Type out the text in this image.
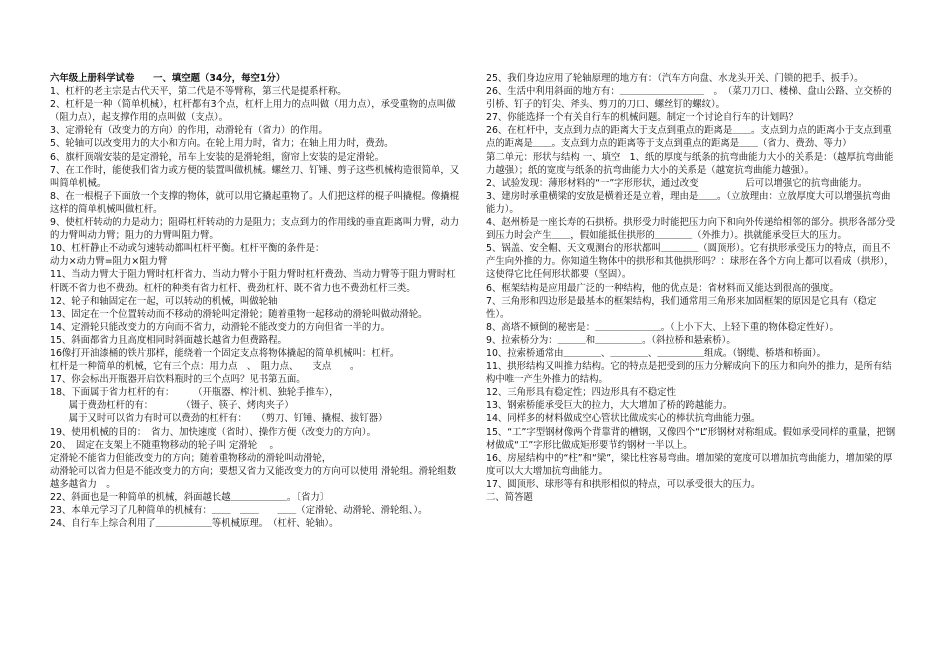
六年级上册科学试卷　　一、填空题（34分，每空1分）

1、杠杆的老主宗是古代天平，第二代是不等臂称，第三代是提系杆称。

2、杠杆是一种（简单机械），杠杆都有3个点，杠杆上用力的点叫做（用力点），承受重物的点叫做（阻力点），起支撑作用的点叫做（支点）。

3、定滑轮有（改变力的方向）的作用，动滑轮有（省力）的作用。

5、轮轴可以改变用力的大小和方向。在轮上用力时，省力；在轴上用力时，费劲。

6、旗杆顶端安装的是定滑轮，吊车上安装的是滑轮组，窗帘上安装的是定滑轮。

7、在工作时，能使我们省力或方便的装置叫做机械。螺丝刀、钉锤、剪子这些机械构造很简单，又叫简单机械。

8、在一根棍子下面放一个支撑的物体，就可以用它撬起重物了。人们把这样的棍子叫撬棍。像撬棍这样的简单机械叫做杠杆。

9、使杠杆转动的力是动力；阻碍杠杆转动的力是阻力；支点到力的作用线的垂直距离叫力臂，动力的力臂叫动力臂；阻力的力臂叫阻力臂。

10、杠杆静止不动或匀速转动都叫杠杆平衡。杠杆平衡的条件是：

动力×动力臂=阻力×阻力臂

11、当动力臂大于阻力臂时杠杆省力、当动力臂小于阻力臂时杠杆费劲、当动力臂等于阻力臂时杠杆既不省力也不费劲。杠杆的种类有省力杠杆、费劲杠杆、既不省力也不费劲杠杆三类。

12、轮子和轴固定在一起，可以转动的机械，叫做轮轴

13、固定在一个位置转动而不移动的滑轮叫定滑轮；随着重物一起移动的滑轮叫做动滑轮。

14、定滑轮只能改变力的方向而不省力，动滑轮不能改变力的方向但省一半的力。

15、斜面都省力且高度相同时斜面越长越省力但费路程。

16像打开油漆桶的铁片那样，能绕着一个固定支点将物体撬起的简单机械叫：杠杆。

杠杆是一种简单的机械，它有三个点：用力点　、　阻力点、　　支点　　。

17、你会标出开瓶器开启饮料瓶时的三个点吗？见书第五面。

18、下面属于省力杠杆的有：　　　（开瓶器、榨汁机、独轮手推车），

　　属于费劲杠杆的有：　　　　（镊子、筷子、烤肉夹子）

　　属于又时可以省力有时可以费劲的杠杆有：　　（剪刀、钉锤、撬棍、拔钉器）

19、使用机械的目的：　省力、加快速度（省时）、操作方便（改变力的方向）。

20、　固定在支架上不随重物移动的轮子叫 定滑轮 　。

定滑轮不能省力但能改变力的方向；随着重物移动的滑轮叫动滑轮，

动滑轮可以省力但是不能改变力的方向；要想又省力又能改变力的方向可以使用 滑轮组。滑轮组数越多越省力　。

22、斜面也是一种简单的机械，斜面越长越＿＿＿＿＿＿。〔省力〕

23、本单元学习了几种简单的机械有：＿＿　＿＿　　＿＿（定滑轮、动滑轮、滑轮组、）。

24、自行车上综合利用了＿＿＿＿＿＿等机械原理。　（杠杆、轮轴）。

25、我们身边应用了轮轴原理的地方有：（汽车方向盘、水龙头开关、门锁的把手、扳手）。

26、生活中利用斜面的地方有：＿＿＿＿＿＿＿＿＿　。　（菜刀刀口、楼梯、盘山公路、立交桥的引桥、钉子的钉尖、斧头、剪刀的刀口、螺丝钉的螺纹）。

27、你能选择一个有关自行车的机械问题。制定一个讨论自行车的计划吗？

26、在杠杆中，支点到力点的距离大于支点到重点的距离是＿＿。支点到力点的距离小于支点到重点的距离是＿＿。支点到力点的距离等于支点到重点的距离是＿＿（省力、费劲、等力）

第二单元：形状与结构 一、填空　1、纸的厚度与纸条的抗弯曲能力大小的关系是：（越厚抗弯曲能力越强）；纸的宽度与纸条的抗弯曲能力大小的关系是（越宽抗弯曲能力越强）。

2、试验发现：薄形材料的“一”字形形状，通过改变　　　　　后可以增强它的抗弯曲能力。

3、建房时承重横梁的安放是横着还是立着，理由是＿＿。（立放理由：立放厚度大可以增强抗弯曲能力）。

4、赵州桥是一座长寿的石拱桥。拱形受力时能把压力向下和向外传递给相邻的部分。拱形各部分受到压力时会产生＿＿，假如能抵住拱形的＿＿＿＿（外推力）。拱就能承受巨大的压力。

5、锅盖、安全帽、天文观测台的形状都叫＿＿＿＿（圆顶形）。它有拱形承受压力的特点，而且不产生向外推的力。你知道生物体中的拱形和其他拱形吗？：球形在各个方向上都可以看成（拱形），这使得它比任何形状都要（坚固）。

6、框架结构是应用最广泛的一种结构，他的优点是：省材料而又能达到很高的强度。

7、三角形和四边形是最基本的框架结构，我们通常用三角形来加固框架的原因是它具有（稳定性）。

8、高塔不倾倒的秘密是：＿＿＿＿＿＿＿。（上小下大、上轻下重的物体稳定性好）。

9、拉索桥分为：＿＿＿和＿＿＿＿＿。（斜拉桥和悬索桥）。

10、拉索桥通常由＿＿＿＿、＿＿＿＿、＿＿＿＿＿组成。（钢缆、桥塔和桥面）。

11、拱形结构又叫推力结构。它的特点是把受到的压力分解成向下的压力和向外的推力，是所有结构中唯一产生外推力的结构。

12、三角形具有稳定性；四边形具有不稳定性

13、钢索桥能承受巨大的拉力，大大增加了桥的跨越能力。

14、同样多的材料做成空心管状比做成实心的棒状抗弯曲能力强。

15、“工”字型钢材像两个背靠背的槽钢，又像四个“L”形钢材对称组成。假如承受同样的重量，把钢材做成“工”字形比做成矩形要节约钢材一半以上。

16、房屋结构中的“柱”和“梁”，梁比柱容易弯曲。增加梁的宽度可以增加抗弯曲能力，增加梁的厚度可以大大增加抗弯曲能力。

17、圆顶形、球形等有和拱形相似的特点，可以承受很大的压力。

二、简答题
